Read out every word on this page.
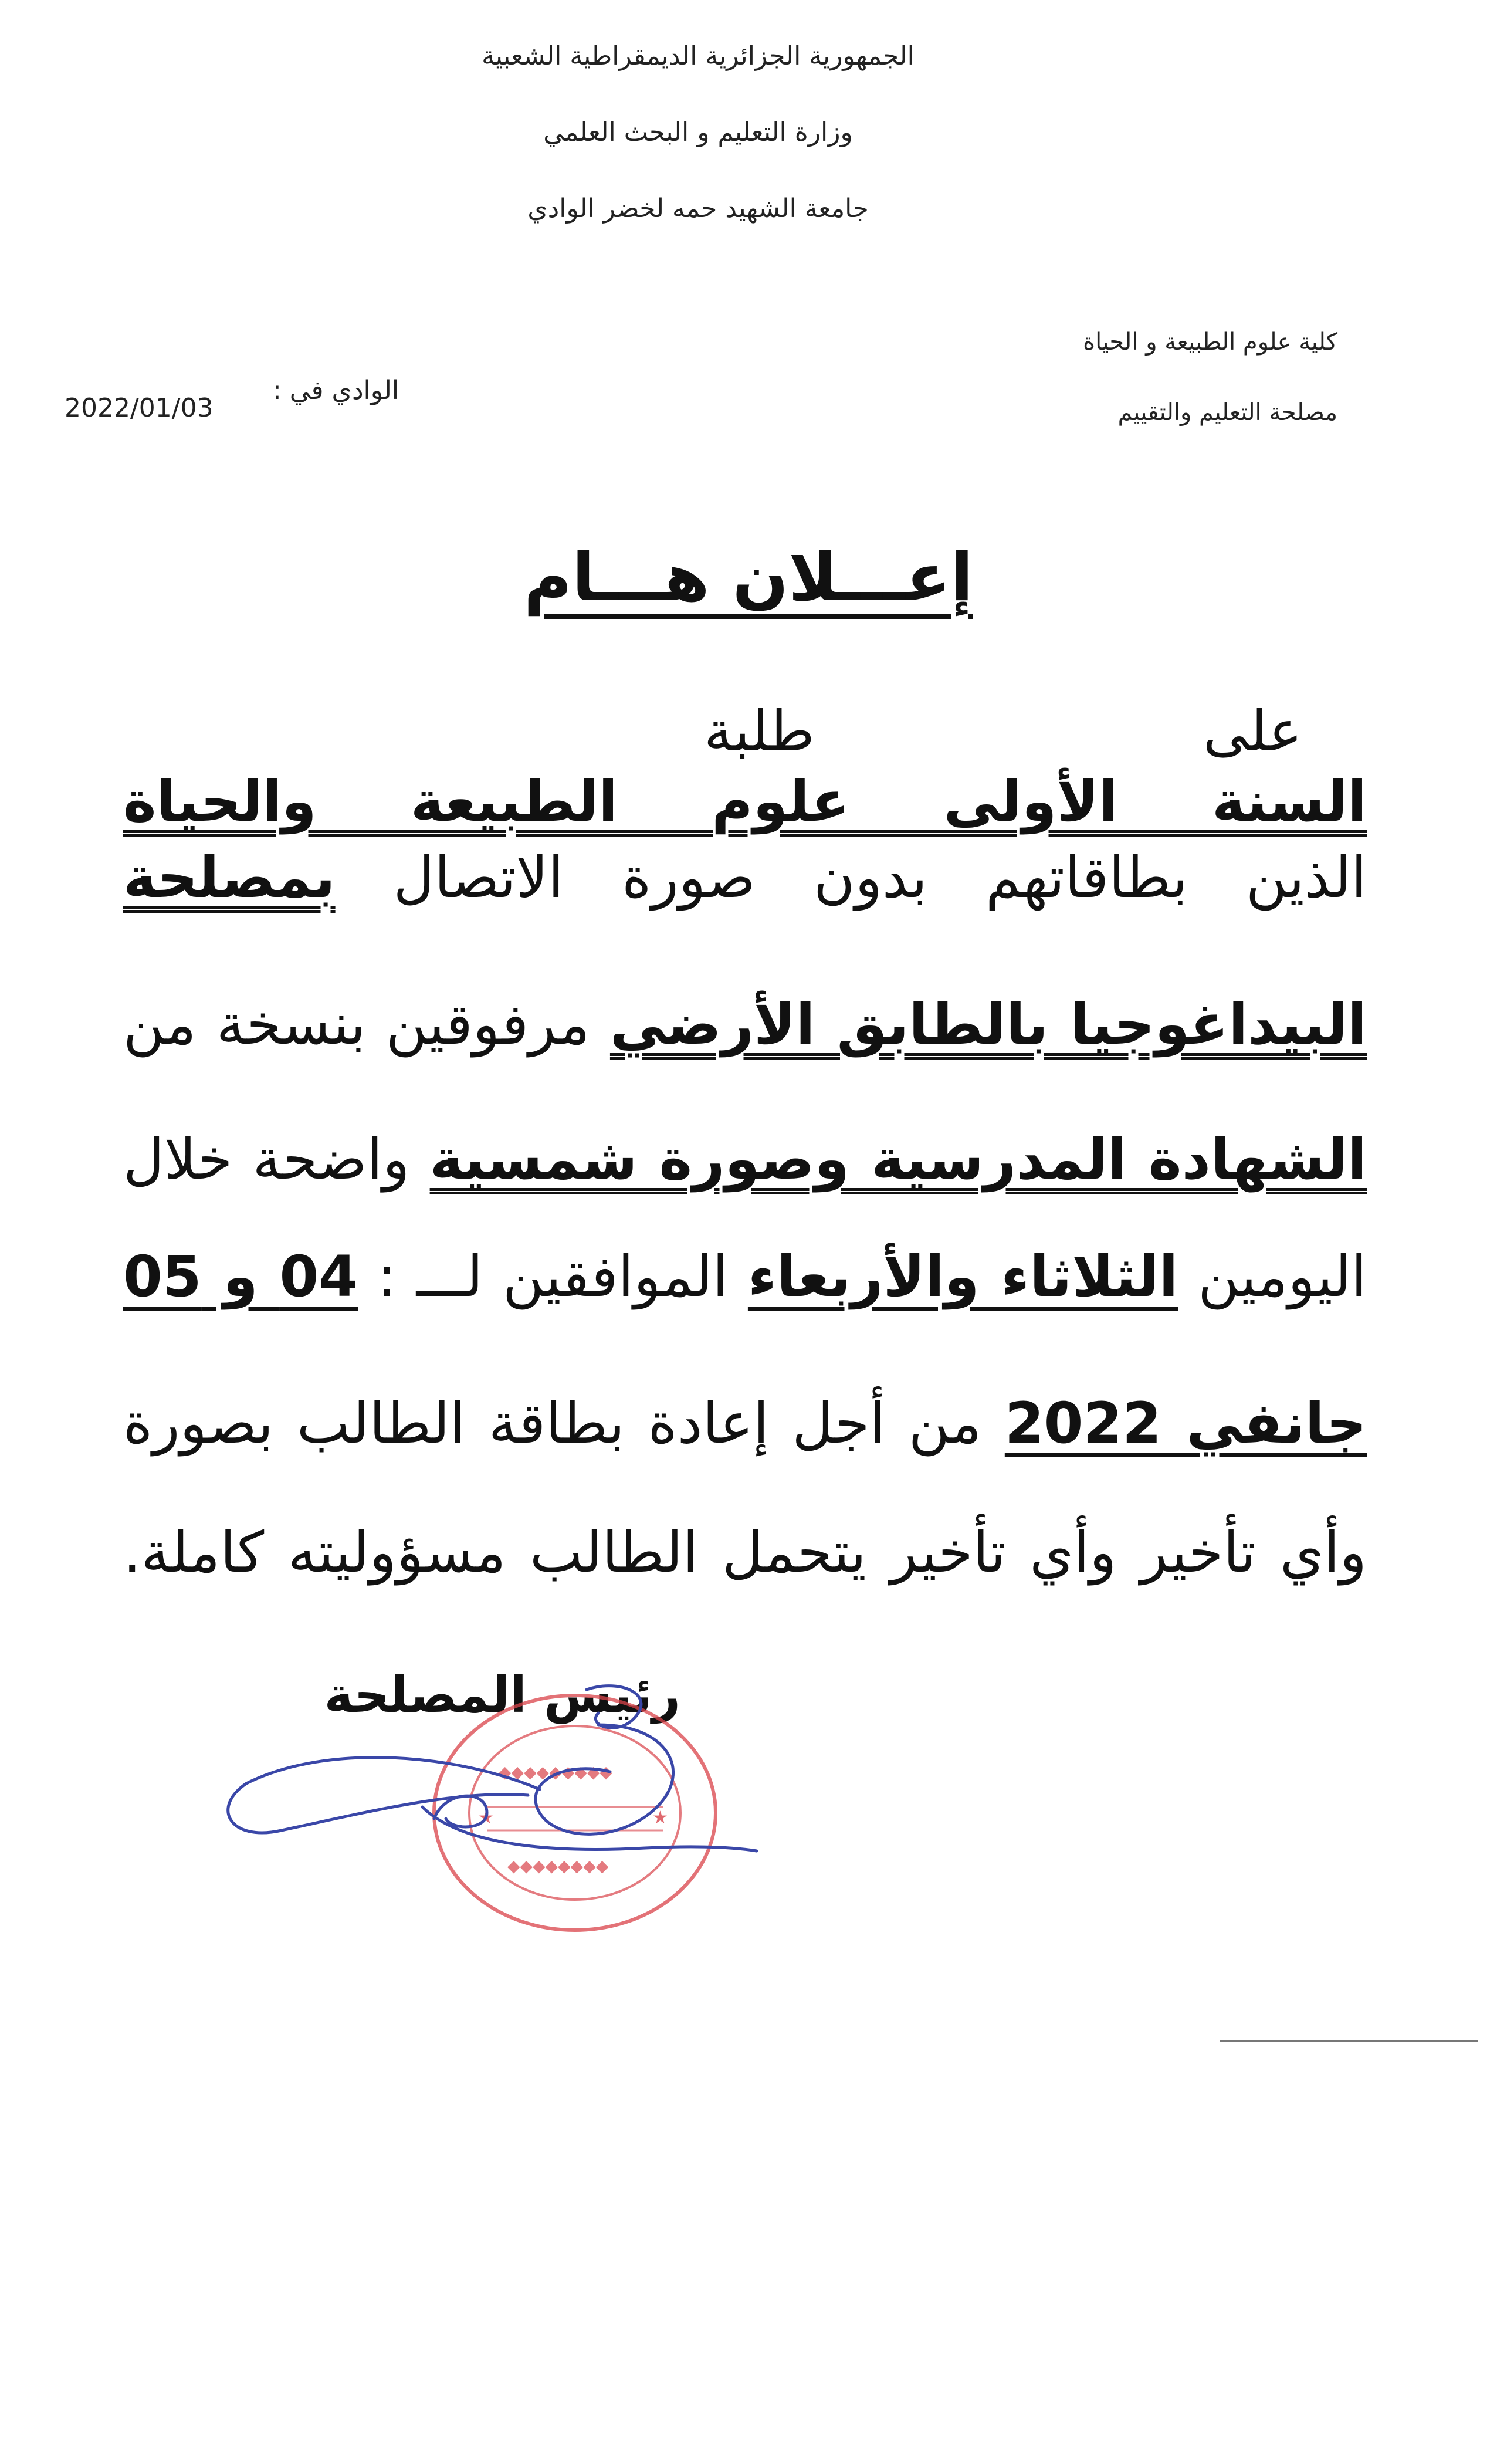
الجمهورية الجزائرية الديمقراطية الشعبية
وزارة التعليم و البحث العلمي
جامعة الشهيد حمه لخضر الوادي
كلية علوم الطبيعة و الحياة
مصلحة التعليم والتقييم
2022/01/03
الوادي في :
إعـــلان هـــام
على طلبة
السنة الأولى علوم الطبيعة والحياة
الذين بطاقاتهم بدون صورة الاتصال بمصلحة
البيداغوجيا بالطابق الأرضي مرفوقين بنسخة من
الشهادة المدرسية وصورة شمسية واضحة خلال
اليومين الثلاثاء والأربعاء الموافقين لـــ : 04 و 05
جانفي 2022 من أجل إعادة بطاقة الطالب بصورة
وأي تأخير وأي تأخير يتحمل الطالب مسؤوليته كاملة.
رئيس المصلحة
◆◆◆◆◆◆◆◆◆
◆◆◆◆◆◆◆◆
★	★
